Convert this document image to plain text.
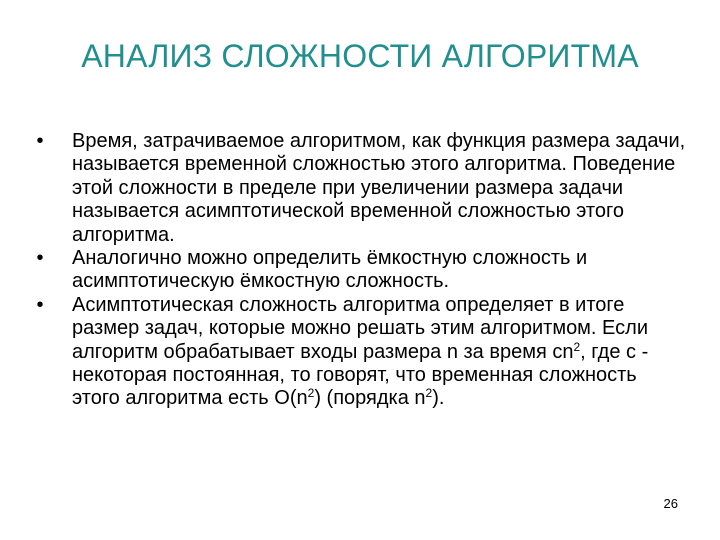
АНАЛИЗ СЛОЖНОСТИ АЛГОРИТМА
•	Время, затрачиваемое алгоритмом, как функция размера задачи, называется временной сложностью этого алгоритма. Поведение этой сложности в пределе при увеличении размера задачи называется асимптотической временной сложностью этого алгоритма.
•	Аналогично можно определить ёмкостную сложность и асимптотическую ёмкостную сложность.
•	Асимптотическая сложность алгоритма определяет в итоге размер задач, которые можно решать этим алгоритмом. Если алгоритм обрабатывает входы размера n за время $cn^2$, где c - некоторая постоянная, то говорят, что временная сложность этого алгоритма есть $O(n^2)$ (порядка $n^2$).
26
